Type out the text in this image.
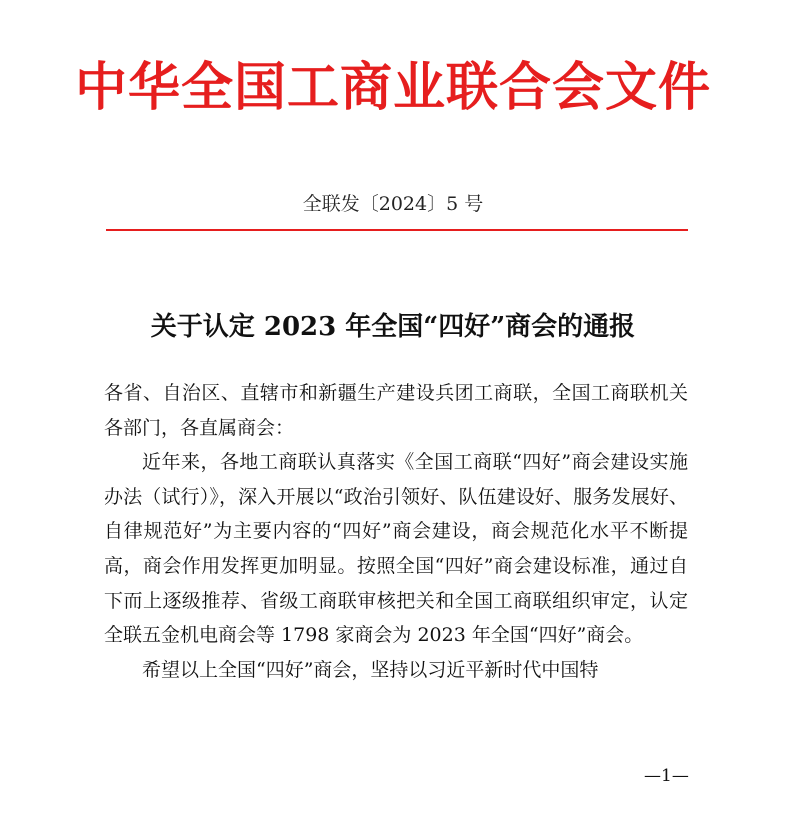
中华全国工商业联合会文件
全联发〔2024〕5 号
关于认定 2023 年全国“四好”商会的通报

各省、自治区、直辖市和新疆生产建设兵团工商联，全国工商联机关各部门，各直属商会：

近年来，各地工商联认真落实《全国工商联“四好”商会建设实施办法（试行）》，深入开展以“政治引领好、队伍建设好、服务发展好、自律规范好”为主要内容的“四好”商会建设，商会规范化水平不断提高，商会作用发挥更加明显。按照全国“四好”商会建设标准，通过自下而上逐级推荐、省级工商联审核把关和全国工商联组织审定，认定全联五金机电商会等 1798 家商会为 2023 年全国“四好”商会。

希望以上全国“四好”商会，坚持以习近平新时代中国特

—1—
